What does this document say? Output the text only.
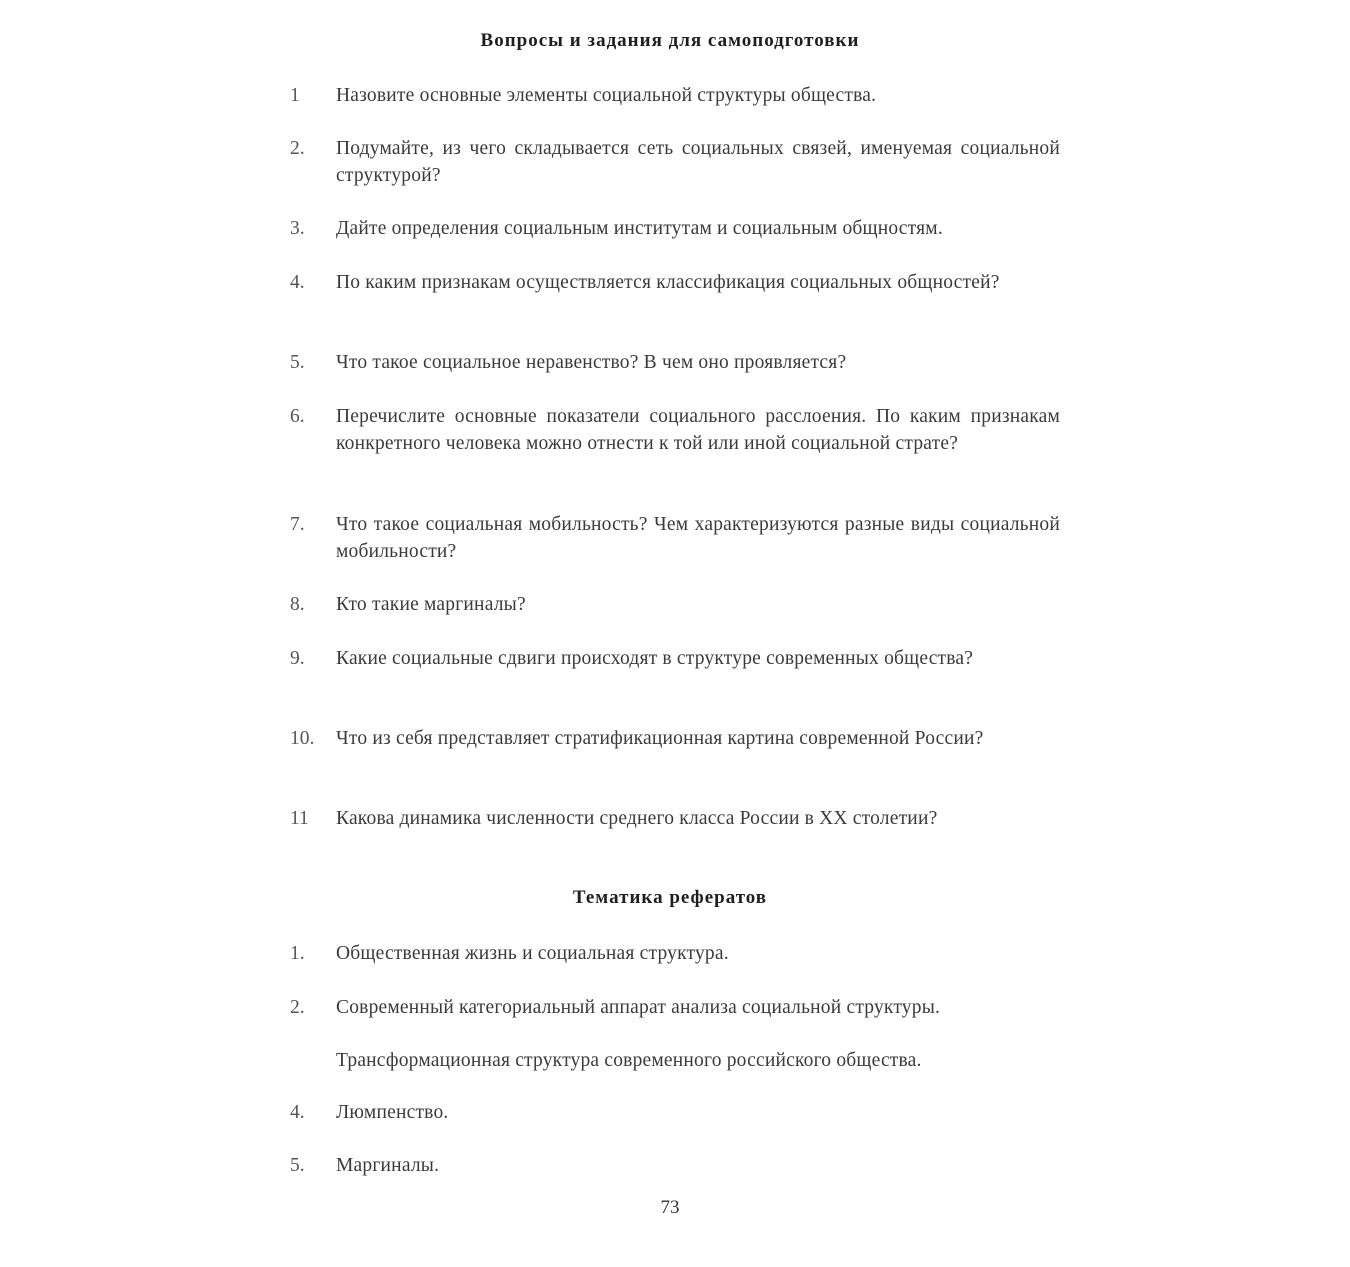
Вопросы и задания для самоподготовки
1	Назовите основные элементы социальной структуры общества.
2.	Подумайте, из чего складывается сеть социальных связей, именуемая социальной структурой?
3.	Дайте определения социальным институтам и социальным общностям.
4.	По каким признакам осуществляется классификация социальных общностей?
5.	Что такое социальное неравенство? В чем оно проявляется?
6.	Перечислите основные показатели социального расслоения. По каким признакам конкретного человека можно отнести к той или иной социальной страте?
7.	Что такое социальная мобильность? Чем характеризуются разные виды социальной мобильности?
8.	Кто такие маргиналы?
9.	Какие социальные сдвиги происходят в структуре современных общества?
10.	Что из себя представляет стратификационная картина современной России?
11	Какова динамика численности среднего класса России в XX столетии?
Тематика рефератов
1.	Общественная жизнь и социальная структура.
2.	Современный категориальный аппарат анализа социальной структуры.
Трансформационная структура современного российского общества.
4.	Люмпенство.
5.	Маргиналы.
73
